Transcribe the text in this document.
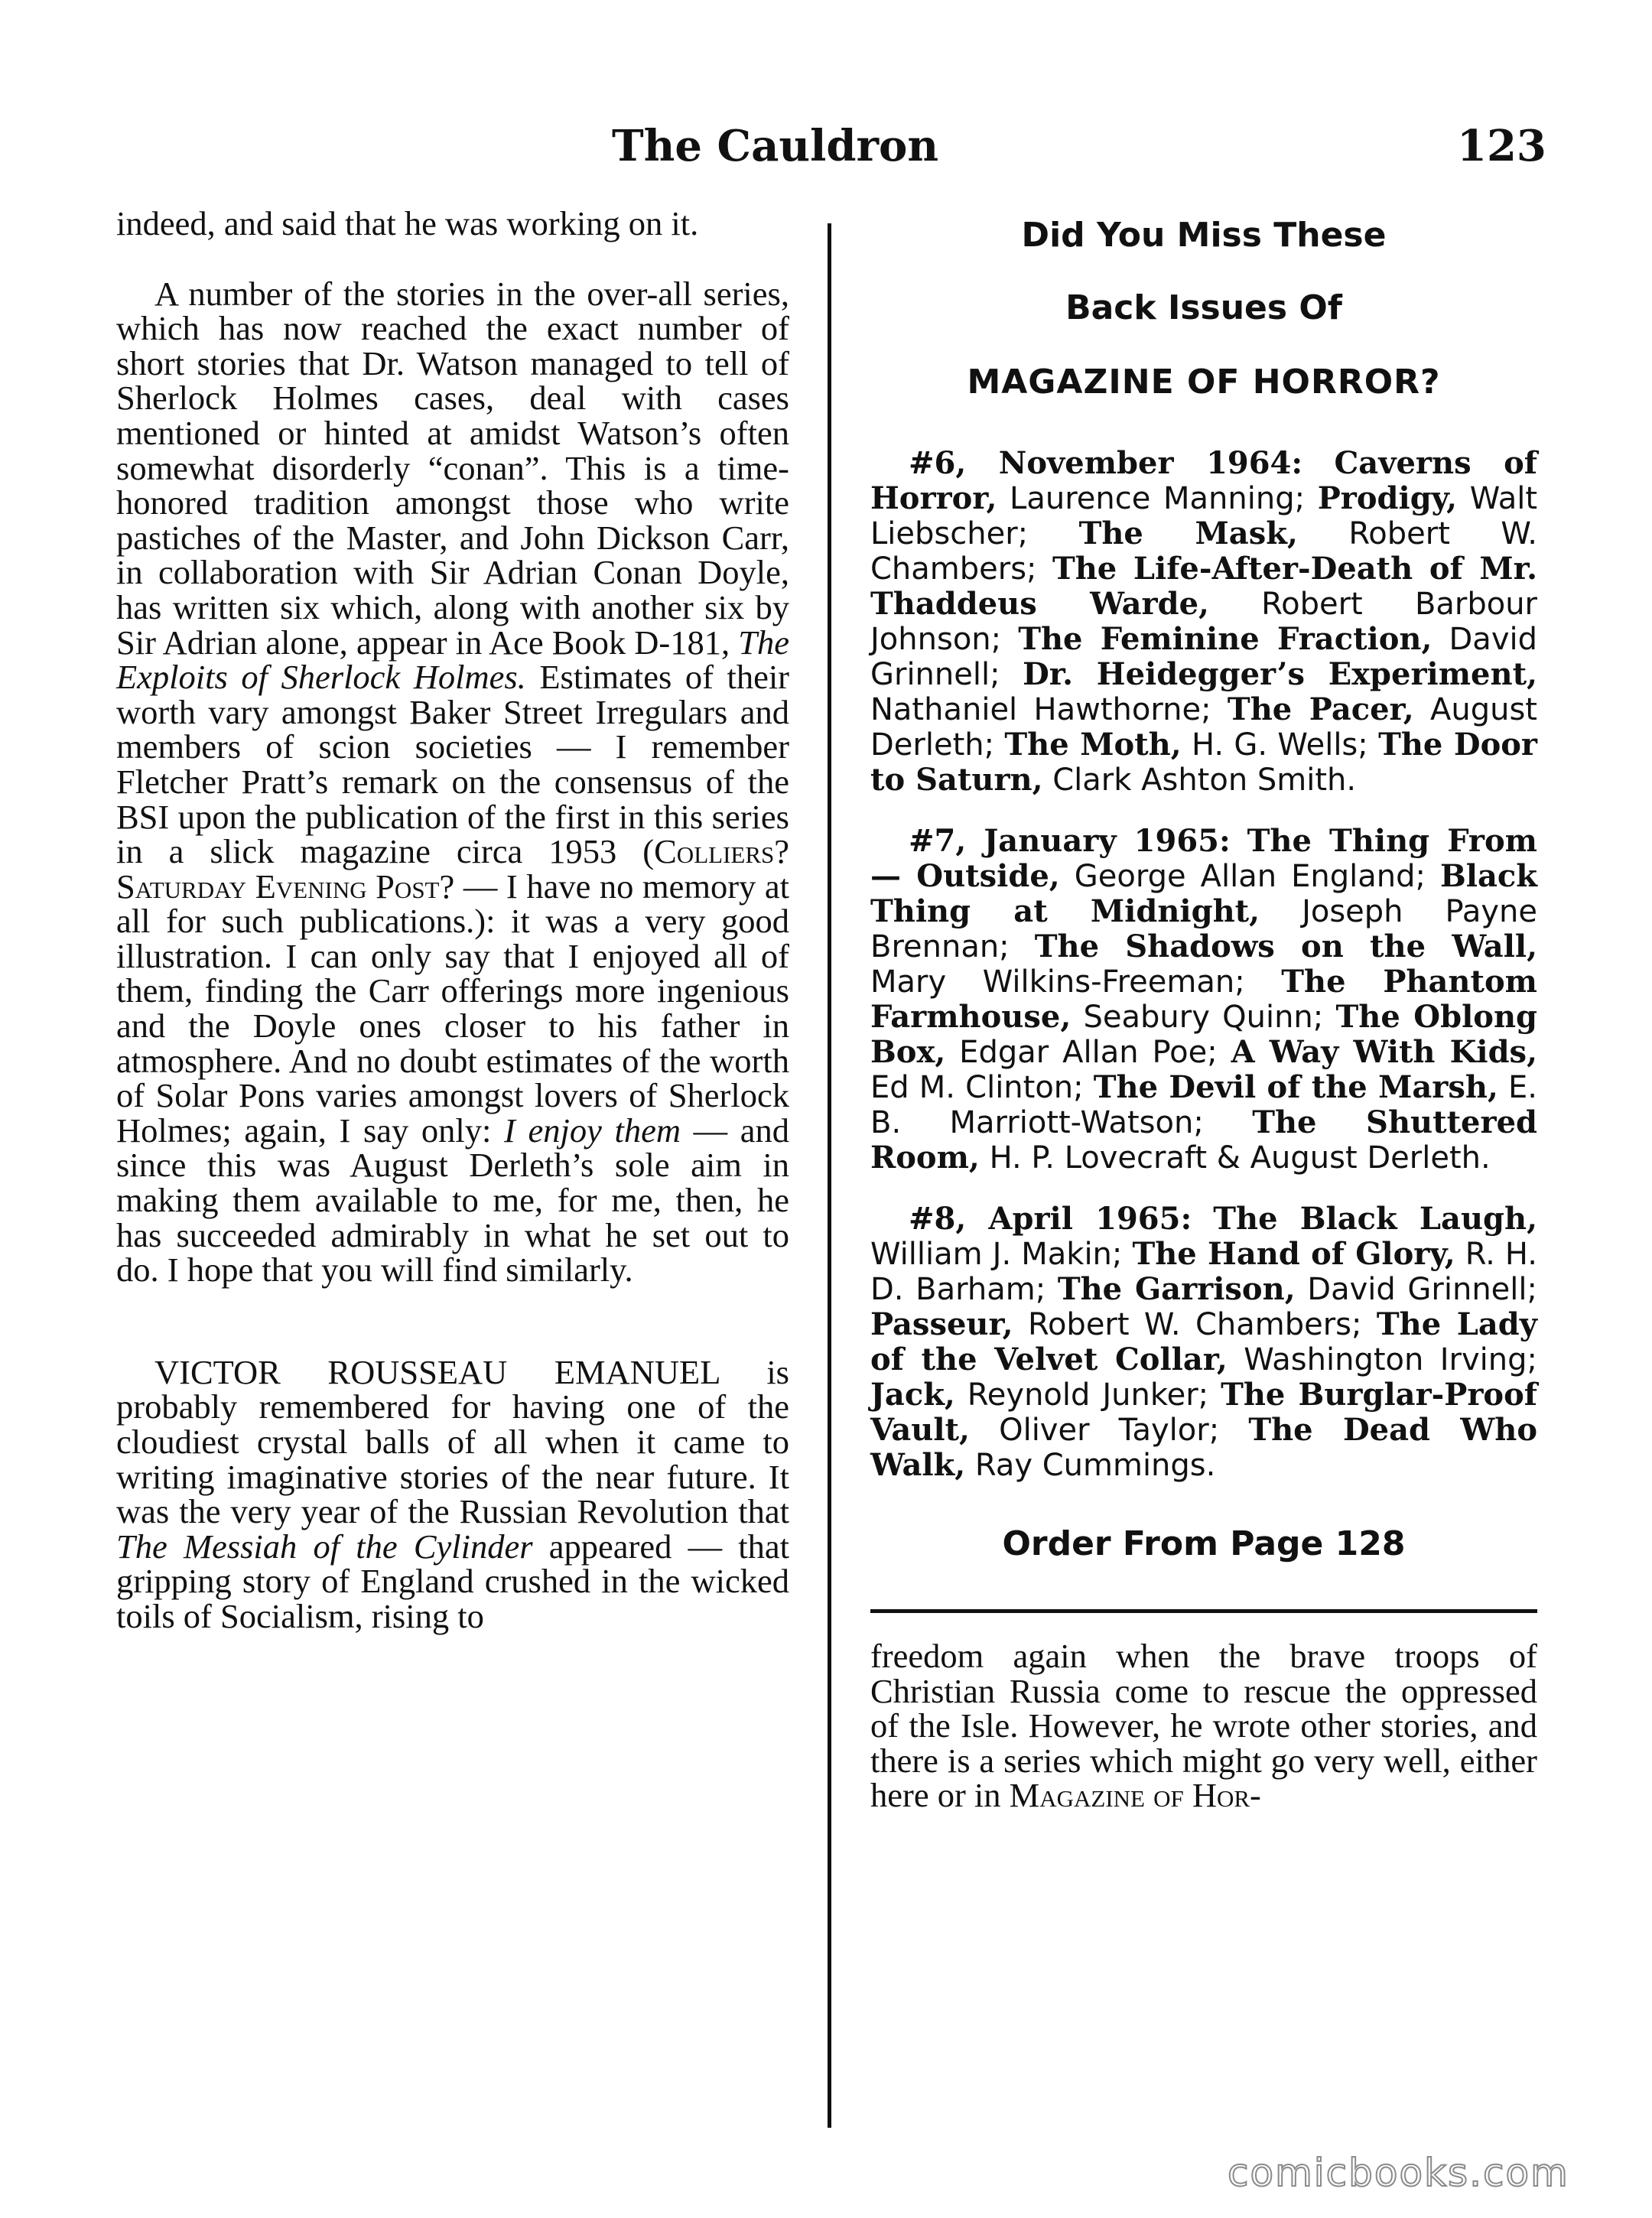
The Cauldron	123

indeed, and said that he was working on it.

A number of the stories in the over-all series, which has now reached the exact number of short stories that Dr. Watson managed to tell of Sherlock Holmes cases, deal with cases mentioned or hinted at amidst Watson’s often somewhat disorderly “conan”. This is a time-honored tradition amongst those who write pastiches of the Master, and John Dickson Carr, in collaboration with Sir Adrian Conan Doyle, has written six which, along with another six by Sir Adrian alone, appear in Ace Book D-181, The Exploits of Sherlock Holmes. Estimates of their worth vary amongst Baker Street Irregulars and members of scion societies — I remember Fletcher Pratt’s remark on the consensus of the BSI upon the publication of the first in this series in a slick magazine circa 1953 (Colliers? Saturday Evening Post? — I have no memory at all for such publications.): it was a very good illustration. I can only say that I enjoyed all of them, finding the Carr offerings more ingenious and the Doyle ones closer to his father in atmosphere. And no doubt estimates of the worth of Solar Pons varies amongst lovers of Sherlock Holmes; again, I say only: I enjoy them — and since this was August Derleth’s sole aim in making them available to me, for me, then, he has succeeded admirably in what he set out to do. I hope that you will find similarly.

VICTOR ROUSSEAU EMANUEL is probably remembered for having one of the cloudiest crystal balls of all when it came to writing imaginative stories of the near future. It was the very year of the Russian Revolution that The Messiah of the Cylinder appeared — that gripping story of England crushed in the wicked toils of Socialism, rising to

Did You Miss These

Back Issues Of

MAGAZINE OF HORROR?

#6, November 1964: Caverns of Horror, Laurence Manning; Prodigy, Walt Liebscher; The Mask, Robert W. Chambers; The Life-After-Death of Mr. Thaddeus Warde, Robert Barbour Johnson; The Feminine Fraction, David Grinnell; Dr. Heidegger’s Experiment, Nathaniel Hawthorne; The Pacer, August Derleth; The Moth, H. G. Wells; The Door to Saturn, Clark Ashton Smith.

#7, January 1965: The Thing From — Outside, George Allan England; Black Thing at Midnight, Joseph Payne Brennan; The Shadows on the Wall, Mary Wilkins-Freeman; The Phantom Farmhouse, Seabury Quinn; The Oblong Box, Edgar Allan Poe; A Way With Kids, Ed M. Clinton; The Devil of the Marsh, E. B. Marriott-Watson; The Shuttered Room, H. P. Lovecraft & August Derleth.

#8, April 1965: The Black Laugh, William J. Makin; The Hand of Glory, R. H. D. Barham; The Garrison, David Grinnell; Passeur, Robert W. Chambers; The Lady of the Velvet Collar, Washington Irving; Jack, Reynold Junker; The Burglar-Proof Vault, Oliver Taylor; The Dead Who Walk, Ray Cummings.

Order From Page 128

freedom again when the brave troops of Christian Russia come to rescue the oppressed of the Isle. However, he wrote other stories, and there is a series which might go very well, either here or in Magazine of Hor-

comicbooks.com
